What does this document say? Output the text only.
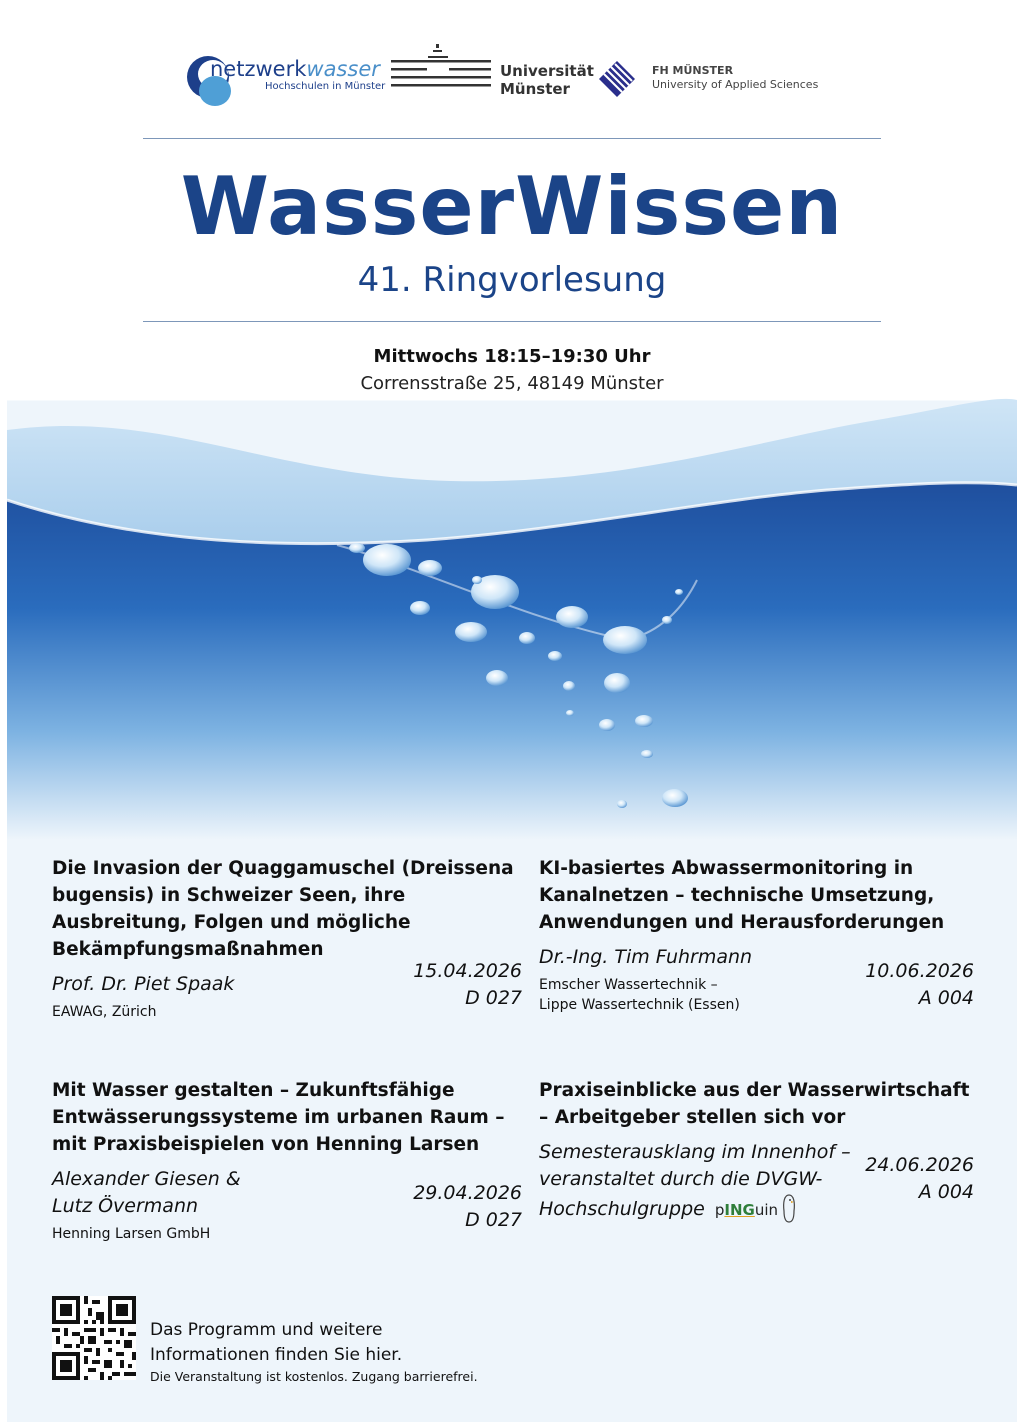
netzwerkwasser
Hochschulen in Münster
Universität
Münster
FH MÜNSTER
University of Applied Sciences
WasserWissen
41. Ringvorlesung
Mittwochs 18:15–19:30 Uhr
Corrensstraße 25, 48149 Münster

Die Invasion der Quaggamuschel (Dreissena bugensis) in Schweizer Seen, ihre Ausbreitung, Folgen und mögliche Bekämpfungsmaßnahmen

Prof. Dr. Piet Spaak
EAWAG, Zürich
15.04.2026
D 027

KI-basiertes Abwassermonitoring in Kanalnetzen – technische Umsetzung, Anwendungen und Herausforderungen

Dr.-Ing. Tim Fuhrmann
Emscher Wassertechnik –
Lippe Wassertechnik (Essen)
10.06.2026
A 004

Mit Wasser gestalten – Zukunftsfähige Entwässerungssysteme im urbanen Raum – mit Praxisbeispielen von Henning Larsen

Alexander Giesen &
Lutz Övermann
Henning Larsen GmbH
29.04.2026
D 027

Praxiseinblicke aus der Wasserwirtschaft – Arbeitgeber stellen sich vor

Semesterausklang im Innenhof – veranstaltet durch die DVGW-Hochschulgruppe pINGuin
24.06.2026
A 004
Das Programm und weitere
Informationen finden Sie hier.
Die Veranstaltung ist kostenlos. Zugang barrierefrei.
